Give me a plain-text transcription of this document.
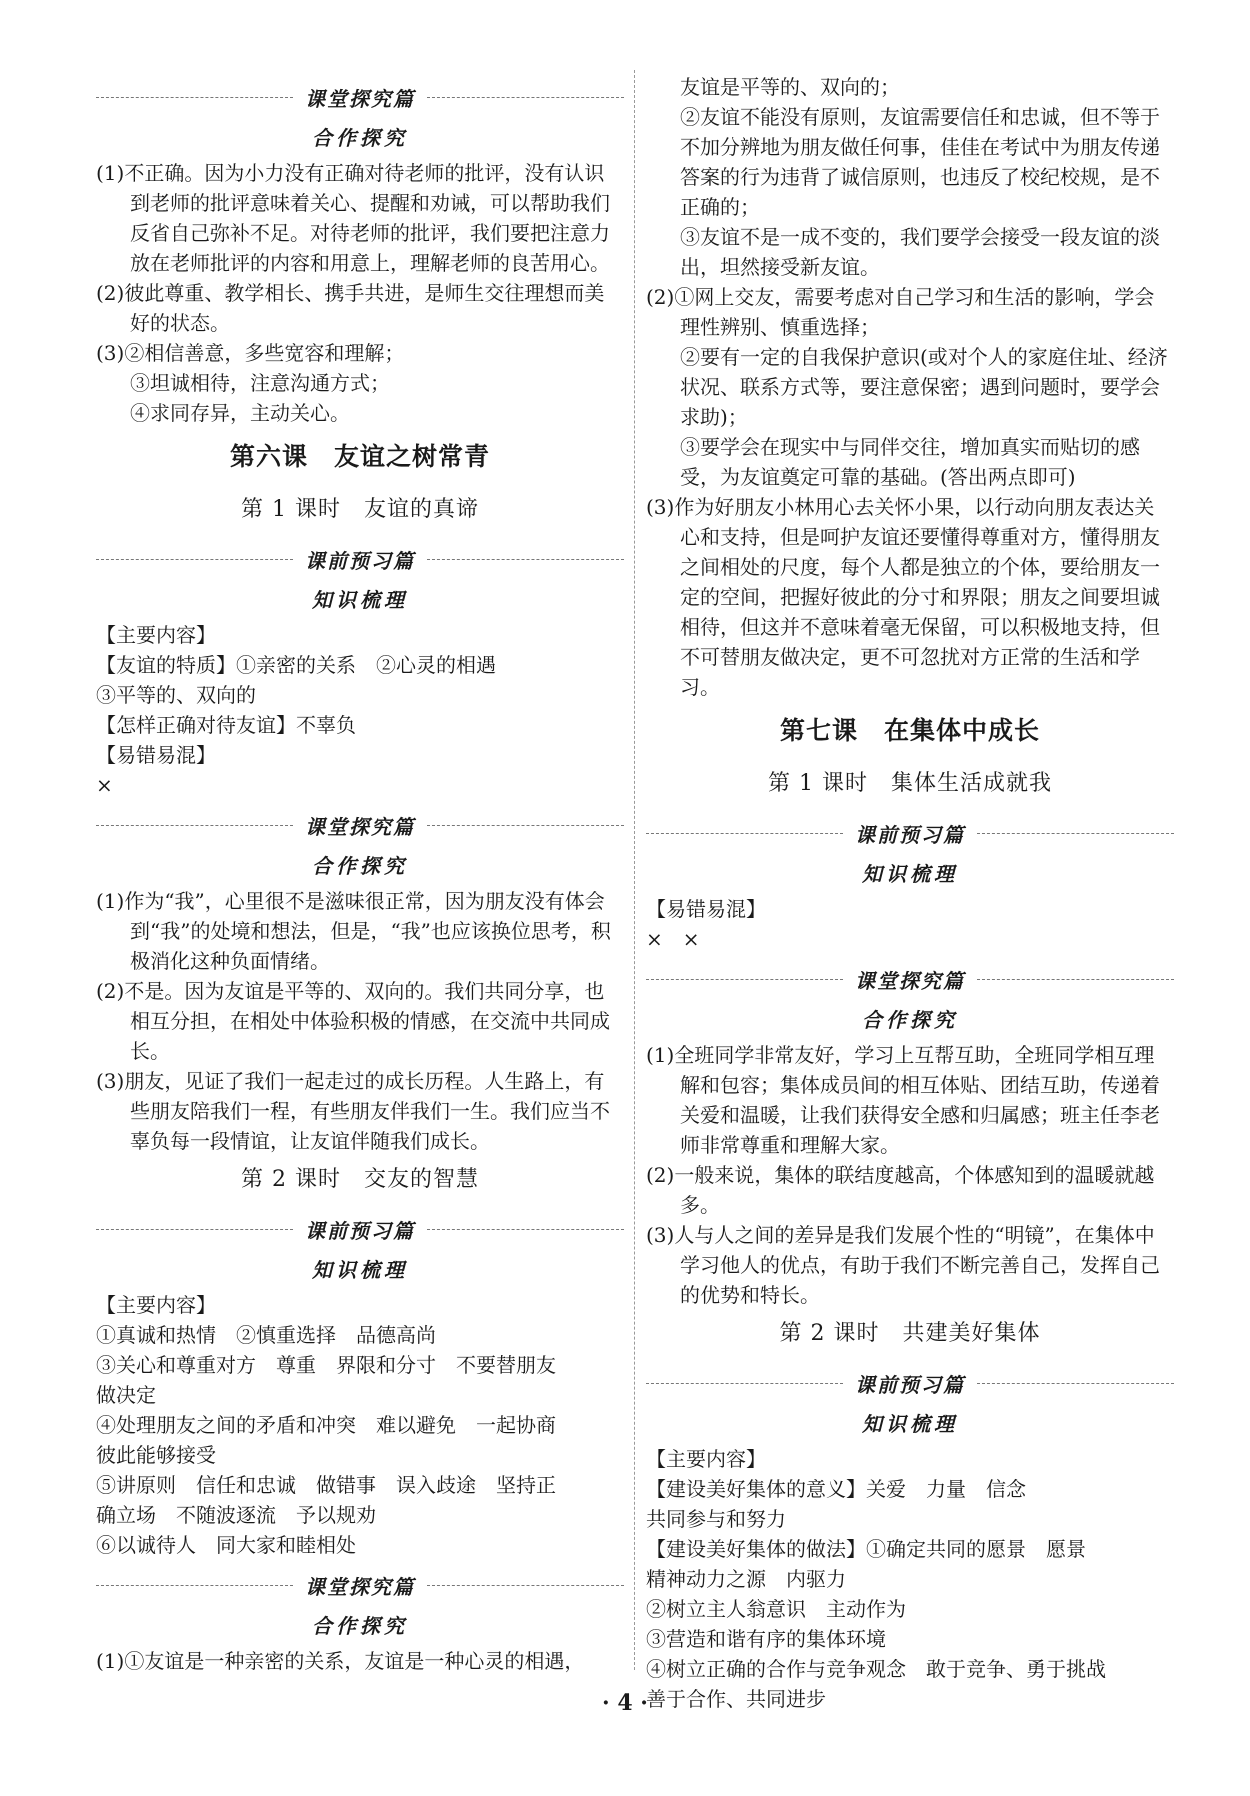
课堂探究篇
合作探究
(1)不正确。因为小力没有正确对待老师的批评，没有认识到老师的批评意味着关心、提醒和劝诫，可以帮助我们反省自己弥补不足。对待老师的批评，我们要把注意力放在老师批评的内容和用意上，理解老师的良苦用心。
(2)彼此尊重、教学相长、携手共进，是师生交往理想而美好的状态。
(3)②相信善意，多些宽容和理解；
③坦诚相待，注意沟通方式；
④求同存异，主动关心。
第六课　友谊之树常青
第 1 课时　友谊的真谛
课前预习篇
知识梳理
【主要内容】
【友谊的特质】①亲密的关系　②心灵的相遇
③平等的、双向的
【怎样正确对待友谊】不辜负
【易错易混】
×
课堂探究篇
合作探究
(1)作为“我”，心里很不是滋味很正常，因为朋友没有体会到“我”的处境和想法，但是，“我”也应该换位思考，积极消化这种负面情绪。
(2)不是。因为友谊是平等的、双向的。我们共同分享，也相互分担，在相处中体验积极的情感，在交流中共同成长。
(3)朋友，见证了我们一起走过的成长历程。人生路上，有些朋友陪我们一程，有些朋友伴我们一生。我们应当不辜负每一段情谊，让友谊伴随我们成长。
第 2 课时　交友的智慧
课前预习篇
知识梳理
【主要内容】
①真诚和热情　②慎重选择　品德高尚
③关心和尊重对方　尊重　界限和分寸　不要替朋友
做决定
④处理朋友之间的矛盾和冲突　难以避免　一起协商
彼此能够接受
⑤讲原则　信任和忠诚　做错事　误入歧途　坚持正
确立场　不随波逐流　予以规劝
⑥以诚待人　同大家和睦相处
课堂探究篇
合作探究
(1)①友谊是一种亲密的关系，友谊是一种心灵的相遇，
友谊是平等的、双向的；
②友谊不能没有原则，友谊需要信任和忠诚，但不等于不加分辨地为朋友做任何事，佳佳在考试中为朋友传递答案的行为违背了诚信原则，也违反了校纪校规，是不正确的；
③友谊不是一成不变的，我们要学会接受一段友谊的淡出，坦然接受新友谊。
(2)①网上交友，需要考虑对自己学习和生活的影响，学会理性辨别、慎重选择；
②要有一定的自我保护意识(或对个人的家庭住址、经济状况、联系方式等，要注意保密；遇到问题时，要学会求助)；
③要学会在现实中与同伴交往，增加真实而贴切的感受，为友谊奠定可靠的基础。(答出两点即可)
(3)作为好朋友小林用心去关怀小果，以行动向朋友表达关心和支持，但是呵护友谊还要懂得尊重对方，懂得朋友之间相处的尺度，每个人都是独立的个体，要给朋友一定的空间，把握好彼此的分寸和界限；朋友之间要坦诚相待，但这并不意味着毫无保留，可以积极地支持，但不可替朋友做决定，更不可忽扰对方正常的生活和学习。
第七课　在集体中成长
第 1 课时　集体生活成就我
课前预习篇
知识梳理
【易错易混】
×　×
课堂探究篇
合作探究
(1)全班同学非常友好，学习上互帮互助，全班同学相互理解和包容；集体成员间的相互体贴、团结互助，传递着关爱和温暖，让我们获得安全感和归属感；班主任李老师非常尊重和理解大家。
(2)一般来说，集体的联结度越高，个体感知到的温暖就越多。
(3)人与人之间的差异是我们发展个性的“明镜”，在集体中学习他人的优点，有助于我们不断完善自己，发挥自己的优势和特长。
第 2 课时　共建美好集体
课前预习篇
知识梳理
【主要内容】
【建设美好集体的意义】关爱　力量　信念
共同参与和努力
【建设美好集体的做法】①确定共同的愿景　愿景
精神动力之源　内驱力
②树立主人翁意识　主动作为
③营造和谐有序的集体环境
④树立正确的合作与竞争观念　敢于竞争、勇于挑战
善于合作、共同进步
· 4 ·
